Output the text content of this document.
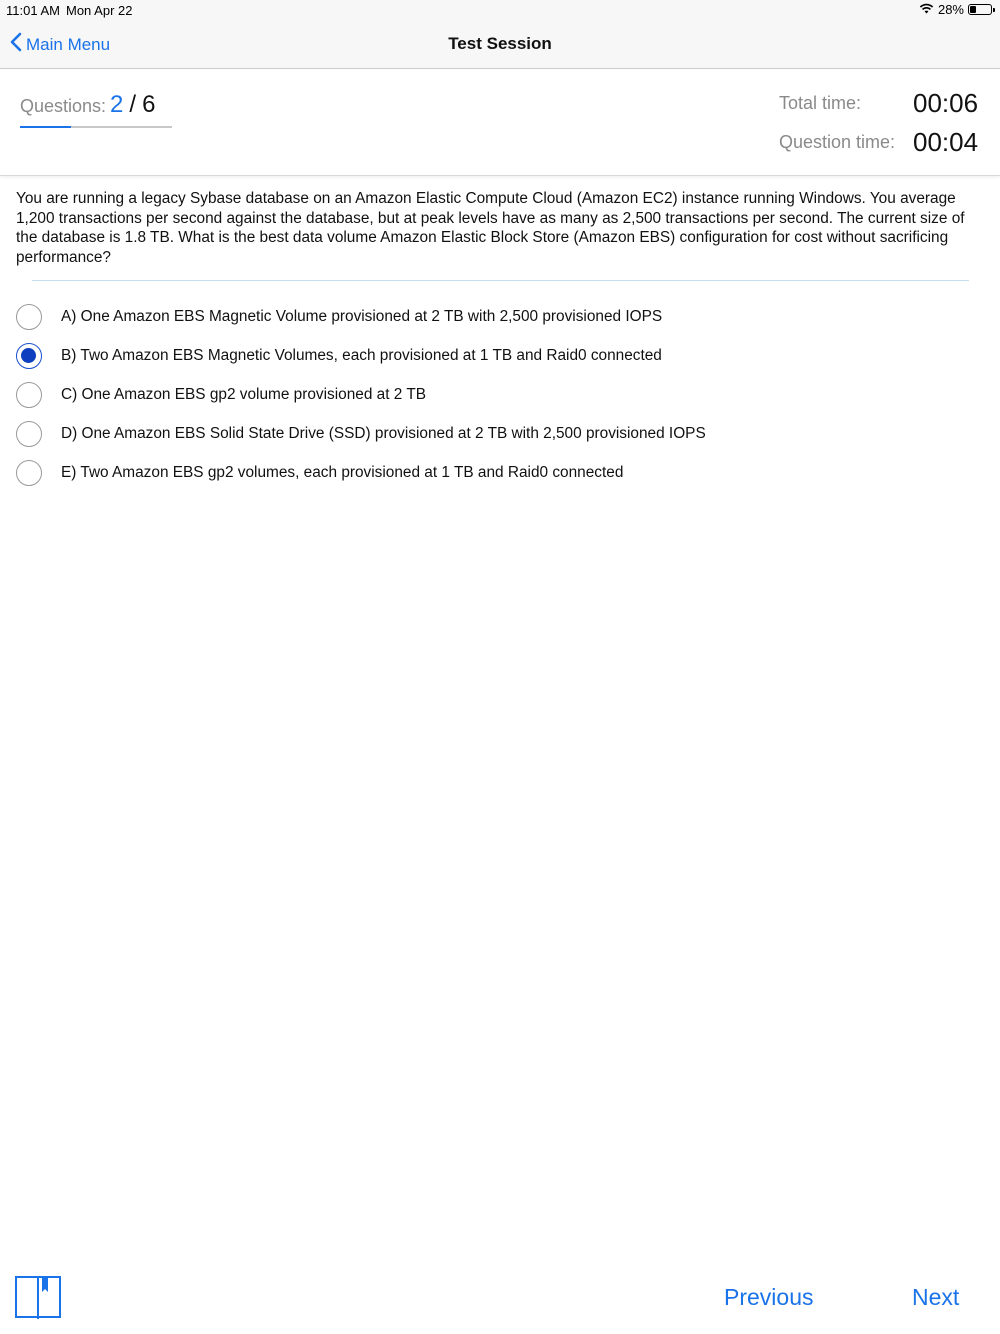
11:01 AM Mon Apr 22	28%
Main Menu	Test Session
Questions: 2 / 6	Total time: 00:06
Question time: 00:04
You are running a legacy Sybase database on an Amazon Elastic Compute Cloud (Amazon EC2) instance running Windows. You average 1,200 transactions per second against the database, but at peak levels have as many as 2,500 transactions per second. The current size of the database is 1.8 TB. What is the best data volume Amazon Elastic Block Store (Amazon EBS) configuration for cost without sacrificing performance?
A) One Amazon EBS Magnetic Volume provisioned at 2 TB with 2,500 provisioned IOPS
B) Two Amazon EBS Magnetic Volumes, each provisioned at 1 TB and Raid0 connected
C) One Amazon EBS gp2 volume provisioned at 2 TB
D) One Amazon EBS Solid State Drive (SSD) provisioned at 2 TB with 2,500 provisioned IOPS
E) Two Amazon EBS gp2 volumes, each provisioned at 1 TB and Raid0 connected
Previous	Next
